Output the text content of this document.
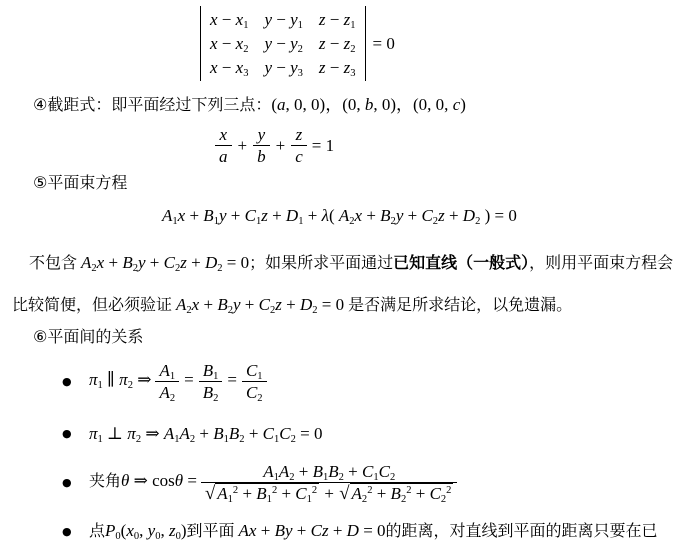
$x - x_1$ $y - y_1$ $z - z_1$
$x - x_2$ $y - y_2$ $z - z_2$
$x - x_3$ $y - y_3$ $z - z_3$
= 0
④截距式：即平面经过下列三点：(a, 0, 0)，(0, b, 0)，(0, 0, c)
$\frac{x}{a} + \frac{y}{b} + \frac{z}{c} = 1$
⑤平面束方程
$A_1x + B_1y + C_1z + D_1 + \lambda$( $A_2x + B_2y + C_2z + D_2$ ) = 0

不包含 $A_2x + B_2y + C_2z + D_2 = 0$；如果所求平面通过已知直线（一般式），则用平面束方程会比较简便，但必须验证 $A_2x + B_2y + C_2z + D_2 = 0$ 是否满足所求结论，以免遗漏。

⑥平面间的关系
●	$\pi_1$ ∥ $\pi_2$ ⇒ $\frac{A_1}{A_2} = \frac{B_1}{B_2} = \frac{C_1}{C_2}$
●	$\pi_1$ ⊥ $\pi_2$ ⇒ $A_1A_2 + B_1B_2 + C_1C_2 = 0$
●	夹角θ ⇒ $\cos\theta = \frac{A_1A_2 + B_1B_2 + C_1C_2}{√ A_1^2 + B_1^2 + C_1^2 + √ A_2^2 + B_2^2 + C_2^2}$
●	点$P_0(x_0$, $y_0$, $z_0$)到平面 Ax + By + Cz + D = 0的距离，对直线到平面的距离只要在已
